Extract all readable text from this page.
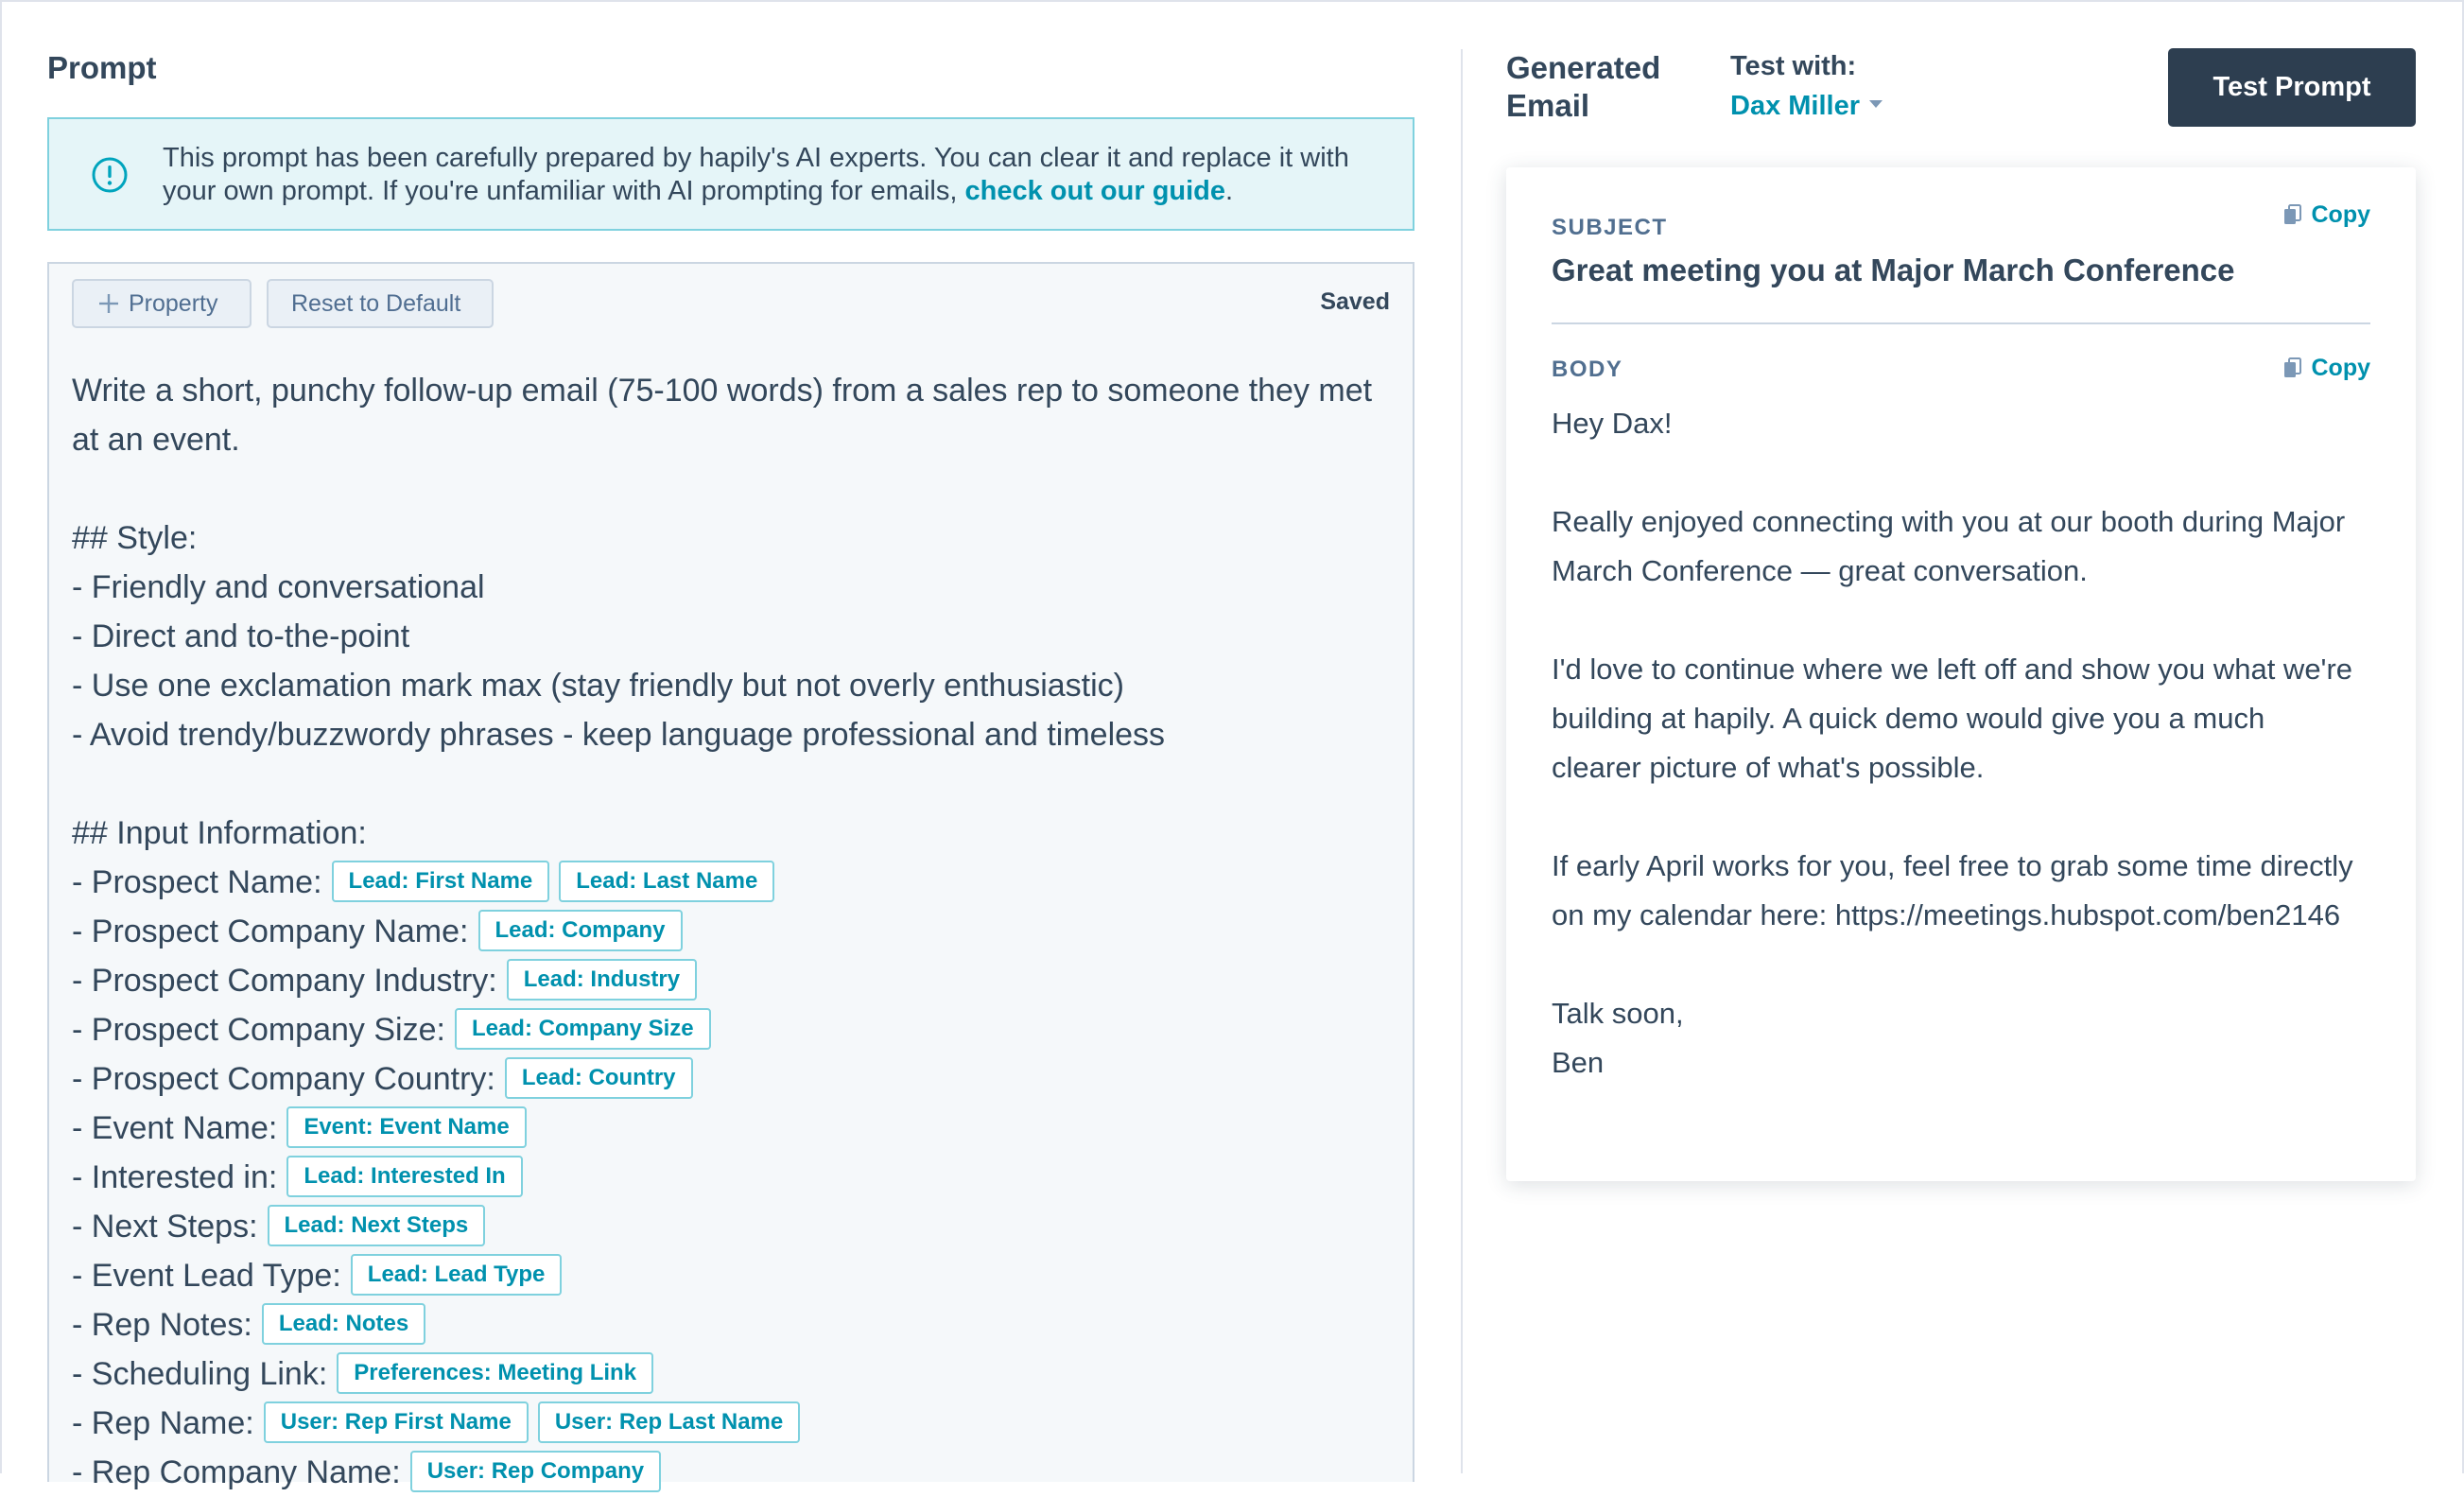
Prompt
This prompt has been carefully prepared by hapily's AI experts. You can clear it and replace it with your own prompt. If you're unfamiliar with AI prompting for emails, check out our guide.
Property	Reset to Default	Saved
Write a short, punchy follow-up email (75-100 words) from a sales rep to someone they met at an event.
## Style:
- Friendly and conversational
- Direct and to-the-point
- Use one exclamation mark max (stay friendly but not overly enthusiastic)
- Avoid trendy/buzzwordy phrases - keep language professional and timeless
## Input Information:
- Prospect Name: Lead: First Name Lead: Last Name
- Prospect Company Name: Lead: Company
- Prospect Company Industry: Lead: Industry
- Prospect Company Size: Lead: Company Size
- Prospect Company Country: Lead: Country
- Event Name: Event: Event Name
- Interested in: Lead: Interested In
- Next Steps: Lead: Next Steps
- Event Lead Type: Lead: Lead Type
- Rep Notes: Lead: Notes
- Scheduling Link: Preferences: Meeting Link
- Rep Name: User: Rep First Name User: Rep Last Name
- Rep Company Name: User: Rep Company
Generated
Email
Test with:
Dax Miller
Test Prompt
SUBJECT	Copy
Great meeting you at Major March Conference
BODY	Copy
Hey Dax!
Really enjoyed connecting with you at our booth during Major March Conference — great conversation.
I'd love to continue where we left off and show you what we're building at hapily. A quick demo would give you a much clearer picture of what's possible.
If early April works for you, feel free to grab some time directly on my calendar here: https://meetings.hubspot.com/ben2146
Talk soon,
Ben
